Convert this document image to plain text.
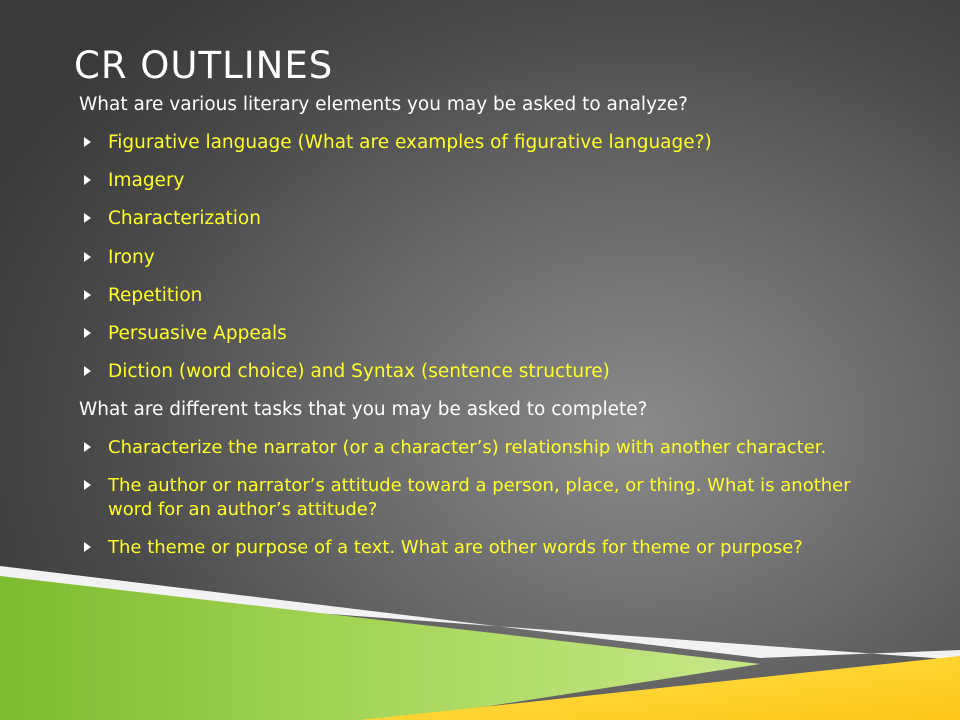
CR OUTLINES

What are various literary elements you may be asked to analyze?

Figurative language (What are examples of figurative language?)
Imagery
Characterization
Irony
Repetition
Persuasive Appeals
Diction (word choice) and Syntax (sentence structure)

What are different tasks that you may be asked to complete?

Characterize the narrator (or a character’s) relationship with another character.
The author or narrator’s attitude toward a person, place, or thing. What is another word for an author’s attitude?
The theme or purpose of a text. What are other words for theme or purpose?
